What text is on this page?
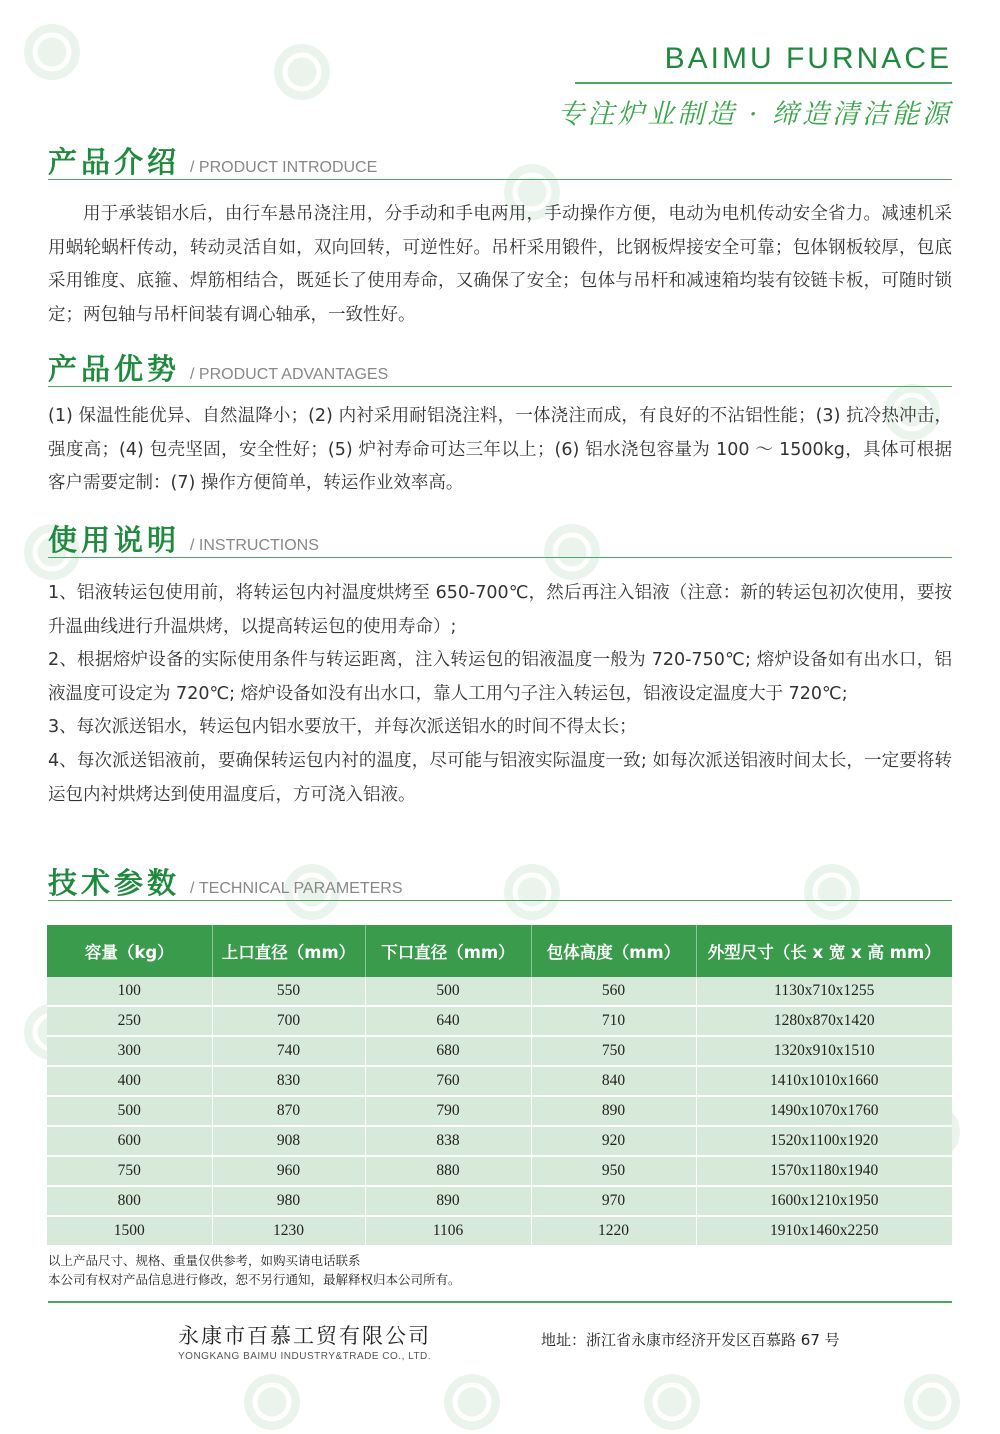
BAIMU FURNACE
专注炉业制造 · 缔造清洁能源
产品介绍 / PRODUCT INTRODUCE
用于承装铝水后，由行车悬吊浇注用，分手动和手电两用，手动操作方便，电动为电机传动安全省力。减速机采用蜗轮蜗杆传动，转动灵活自如，双向回转，可逆性好。吊杆采用锻件，比钢板焊接安全可靠；包体钢板较厚，包底采用锥度、底箍、焊筋相结合，既延长了使用寿命，又确保了安全；包体与吊杆和减速箱均装有铰链卡板，可随时锁定；两包轴与吊杆间装有调心轴承，一致性好。
产品优势 / PRODUCT ADVANTAGES
(1) 保温性能优异、自然温降小；(2) 内衬采用耐铝浇注料，一体浇注而成，有良好的不沾铝性能；(3) 抗冷热冲击，强度高；(4) 包壳坚固，安全性好；(5) 炉衬寿命可达三年以上；(6) 铝水浇包容量为 100 ～ 1500kg，具体可根据客户需要定制：(7) 操作方便简单，转运作业效率高。
使用说明 / INSTRUCTIONS

1、铝液转运包使用前，将转运包内衬温度烘烤至 650-700℃，然后再注入铝液（注意：新的转运包初次使用，要按升温曲线进行升温烘烤，以提高转运包的使用寿命）;

2、根据熔炉设备的实际使用条件与转运距离，注入转运包的铝液温度一般为 720-750℃; 熔炉设备如有出水口，铝液温度可设定为 720℃; 熔炉设备如没有出水口，靠人工用勺子注入转运包，铝液设定温度大于 720℃;

3、每次派送铝水，转运包内铝水要放干，并每次派送铝水的时间不得太长；

4、每次派送铝液前，要确保转运包内衬的温度，尽可能与铝液实际温度一致; 如每次派送铝液时间太长，一定要将转运包内衬烘烤达到使用温度后，方可浇入铝液。

技术参数 / TECHNICAL PARAMETERS
容量（kg）	上口直径（mm）	下口直径（mm）	包体高度（mm）	外型尺寸（长 x 宽 x 高 mm）
100	550	500	560	1130x710x1255
250	700	640	710	1280x870x1420
300	740	680	750	1320x910x1510
400	830	760	840	1410x1010x1660
500	870	790	890	1490x1070x1760
600	908	838	920	1520x1100x1920
750	960	880	950	1570x1180x1940
800	980	890	970	1600x1210x1950
1500	1230	1106	1220	1910x1460x2250
以上产品尺寸、规格、重量仅供参考，如购买请电话联系
本公司有权对产品信息进行修改，恕不另行通知，最解释权归本公司所有。
永康市百慕工贸有限公司
YONGKANG BAIMU INDUSTRY&TRADE CO., LTD.
地址：浙江省永康市经济开发区百慕路 67 号
